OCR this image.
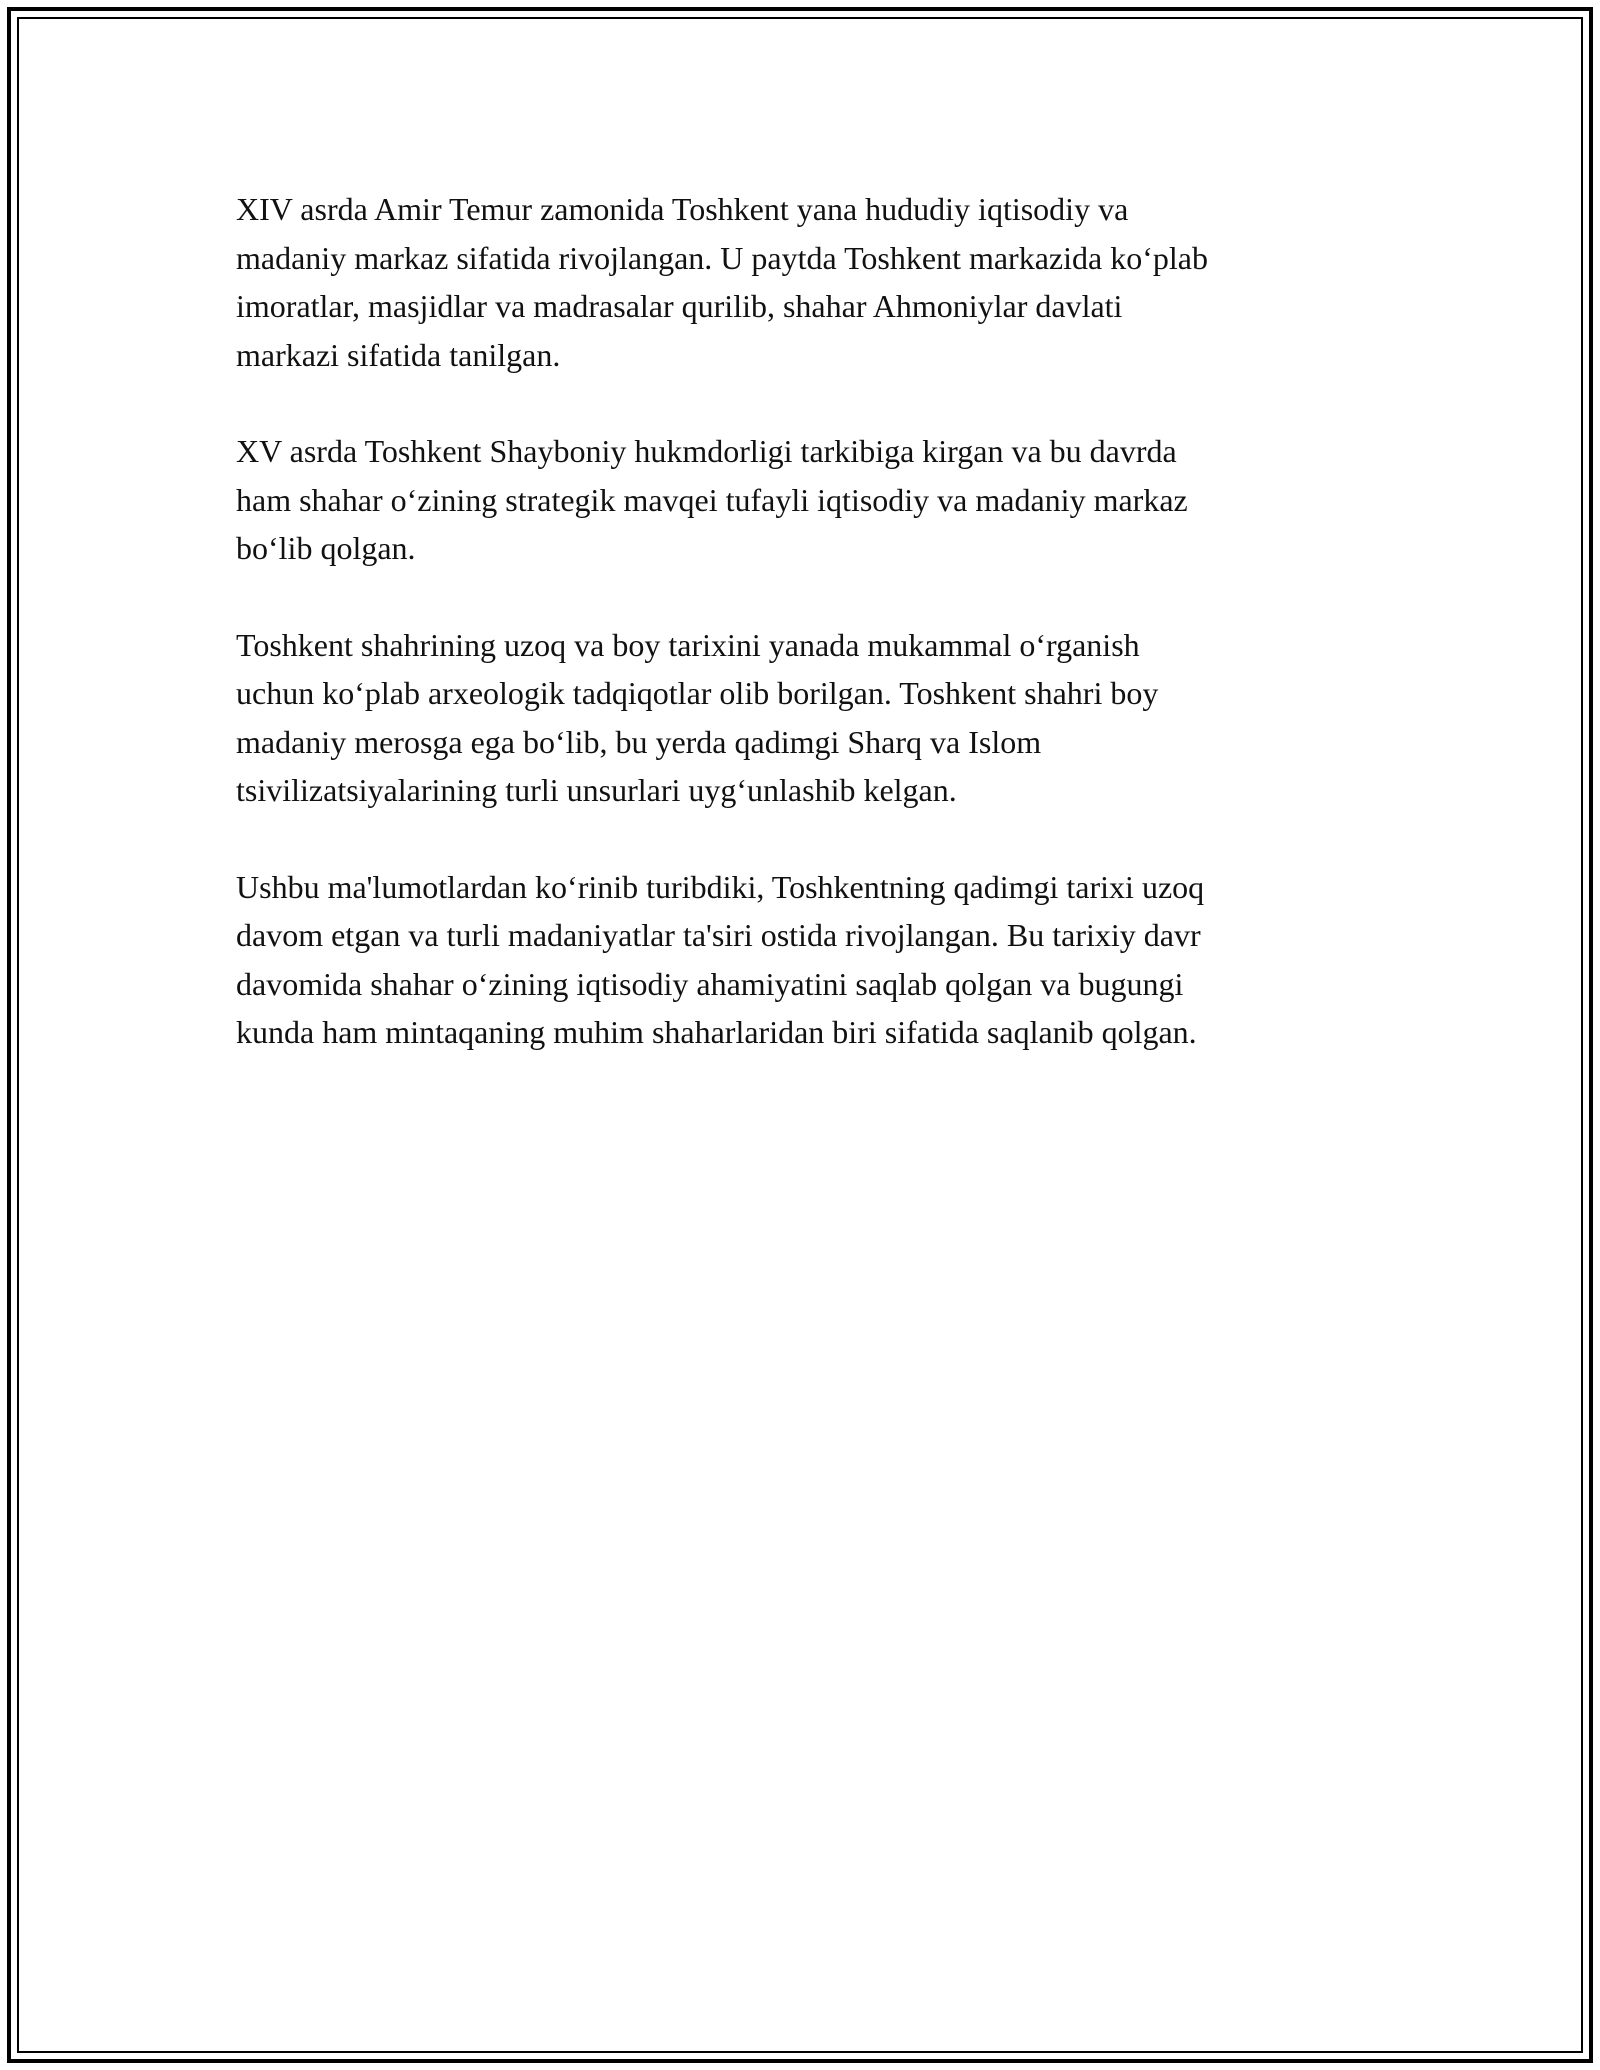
XIV asrda Amir Temur zamonida Toshkent yana hududiy iqtisodiy va
madaniy markaz sifatida rivojlangan. U paytda Toshkent markazida ko‘plab
imoratlar, masjidlar va madrasalar qurilib, shahar Ahmoniylar davlati
markazi sifatida tanilgan.

XV asrda Toshkent Shayboniy hukmdorligi tarkibiga kirgan va bu davrda
ham shahar o‘zining strategik mavqei tufayli iqtisodiy va madaniy markaz
bo‘lib qolgan.

Toshkent shahrining uzoq va boy tarixini yanada mukammal o‘rganish
uchun ko‘plab arxeologik tadqiqotlar olib borilgan. Toshkent shahri boy
madaniy merosga ega bo‘lib, bu yerda qadimgi Sharq va Islom
tsivilizatsiyalarining turli unsurlari uyg‘unlashib kelgan.

Ushbu ma'lumotlardan ko‘rinib turibdiki, Toshkentning qadimgi tarixi uzoq
davom etgan va turli madaniyatlar ta'siri ostida rivojlangan. Bu tarixiy davr
davomida shahar o‘zining iqtisodiy ahamiyatini saqlab qolgan va bugungi
kunda ham mintaqaning muhim shaharlaridan biri sifatida saqlanib qolgan.
